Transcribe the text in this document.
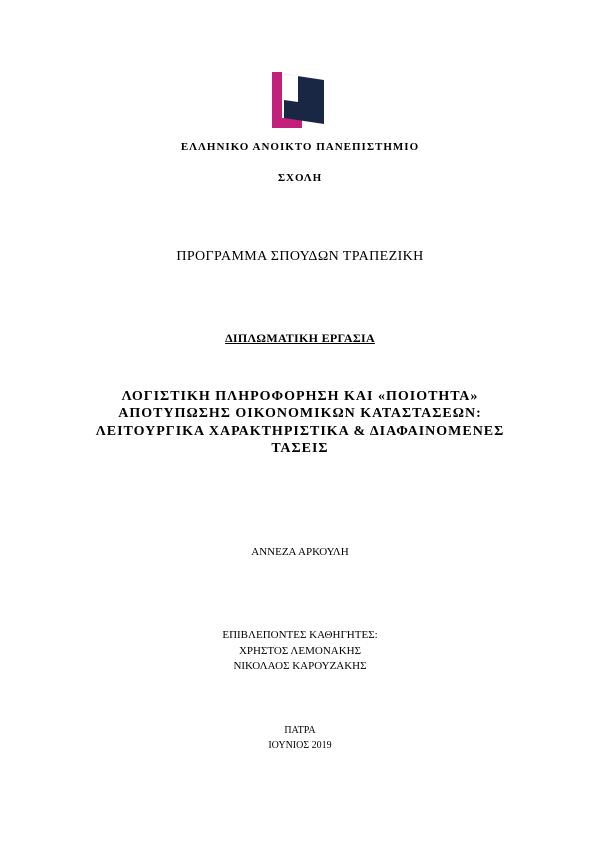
ΕΛΛΗΝΙΚΟ ΑΝΟΙΚΤΟ ΠΑΝΕΠΙΣΤΗΜΙΟ
ΣΧΟΛΗ
ΠΡΟΓΡΑΜΜΑ ΣΠΟΥΔΩΝ ΤΡΑΠΕΖΙΚΗ
ΔΙΠΛΩΜΑΤΙΚΗ ΕΡΓΑΣΙΑ
ΛΟΓΙΣΤΙΚΗ ΠΛΗΡΟΦΟΡΗΣΗ ΚΑΙ «ΠΟΙΟΤΗΤΑ»
ΑΠΟΤΥΠΩΣΗΣ ΟΙΚΟΝΟΜΙΚΩΝ ΚΑΤΑΣΤΑΣΕΩΝ:
ΛΕΙΤΟΥΡΓΙΚΑ ΧΑΡΑΚΤΗΡΙΣΤΙΚΑ & ΔΙΑΦΑΙΝΟΜΕΝΕΣ
ΤΑΣΕΙΣ
ΑΝΝΕΖΑ ΑΡΚΟΥΛΗ
ΕΠΙΒΛΕΠΟΝΤΕΣ ΚΑΘΗΓΗΤΕΣ:
ΧΡΗΣΤΟΣ ΛΕΜΟΝΑΚΗΣ
ΝΙΚΟΛΑΟΣ ΚΑΡΟΥΖΑΚΗΣ
ΠΑΤΡΑ
ΙΟΥΝΙΟΣ 2019
